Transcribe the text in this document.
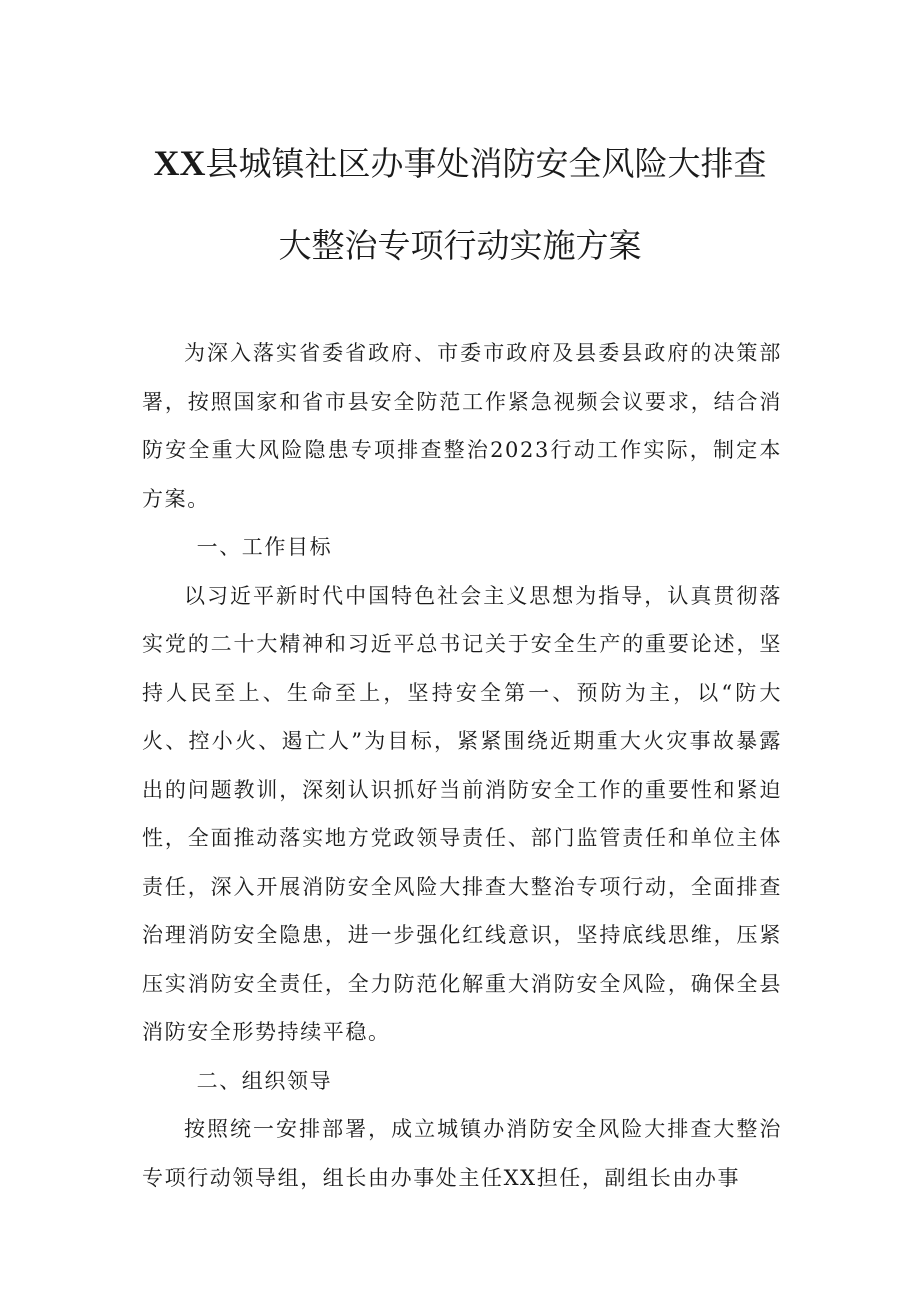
XX县城镇社区办事处消防安全风险大排查
大整治专项行动实施方案

为深入落实省委省政府、市委市政府及县委县政府的决策部署，按照国家和省市县安全防范工作紧急视频会议要求，结合消防安全重大风险隐患专项排查整治2023行动工作实际，制定本方案。

一、工作目标

以习近平新时代中国特色社会主义思想为指导，认真贯彻落实党的二十大精神和习近平总书记关于安全生产的重要论述，坚持人民至上、生命至上，坚持安全第一、预防为主，以“防大火、控小火、遏亡人”为目标，紧紧围绕近期重大火灾事故暴露出的问题教训，深刻认识抓好当前消防安全工作的重要性和紧迫性，全面推动落实地方党政领导责任、部门监管责任和单位主体责任，深入开展消防安全风险大排查大整治专项行动，全面排查治理消防安全隐患，进一步强化红线意识，坚持底线思维，压紧压实消防安全责任，全力防范化解重大消防安全风险，确保全县消防安全形势持续平稳。

二、组织领导

按照统一安排部署，成立城镇办消防安全风险大排查大整治专项行动领导组，组长由办事处主任XX担任，副组长由办事
